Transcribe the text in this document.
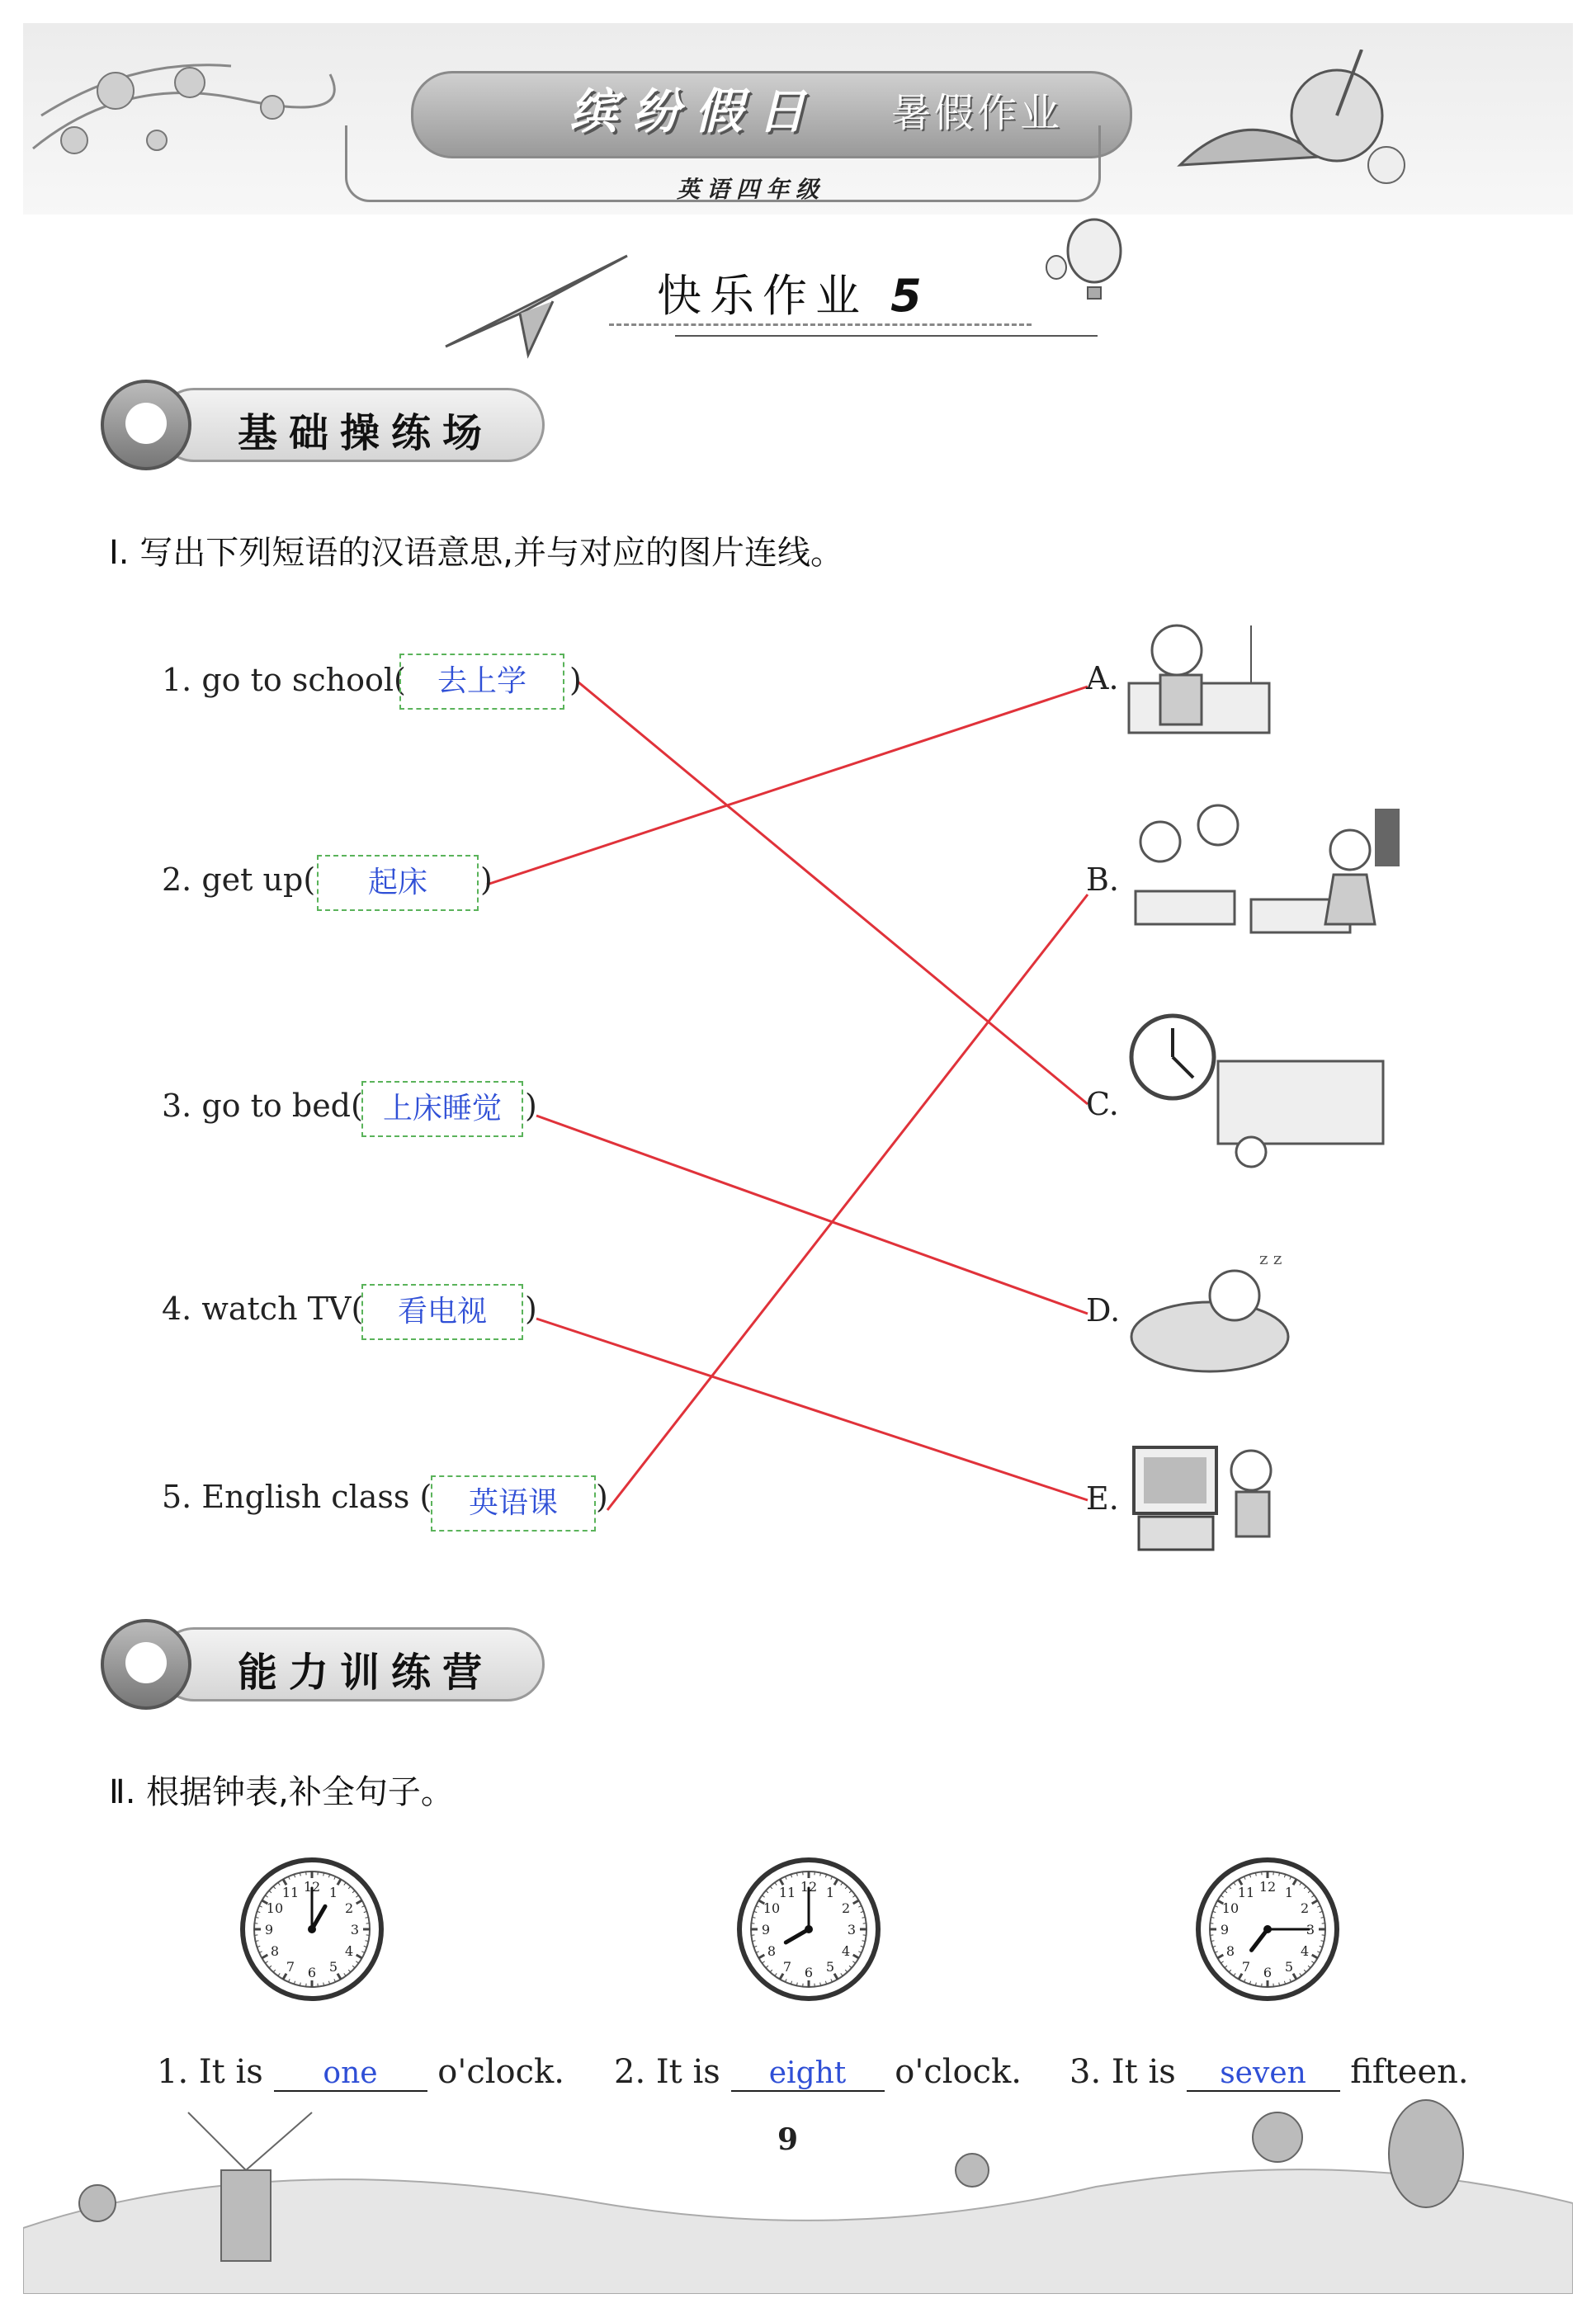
缤纷假日 暑假作业
英语四年级
快乐作业 5
基础操练场
Ⅰ. 写出下列短语的汉语意思,并与对应的图片连线。
1. go to school(	去上学	)
2. get up(	起床	)
3. go to bed( 上床睡觉 )
4. watch TV(	看电视	)
5. English class (	英语课	)
A.
B.
C.
D.
E.
z z
能力训练营
Ⅱ. 根据钟表,补全句子。
12 1
2
3
4
5
6
7
8
9
10
11	12 1
2
3
4
5
6
7
8
9
10
11	12 1
2
3
4
5
6
7
8
9
10
11
1. It is one o'clock. 2. It is eight o'clock. 3. It is seven fifteen.
9
